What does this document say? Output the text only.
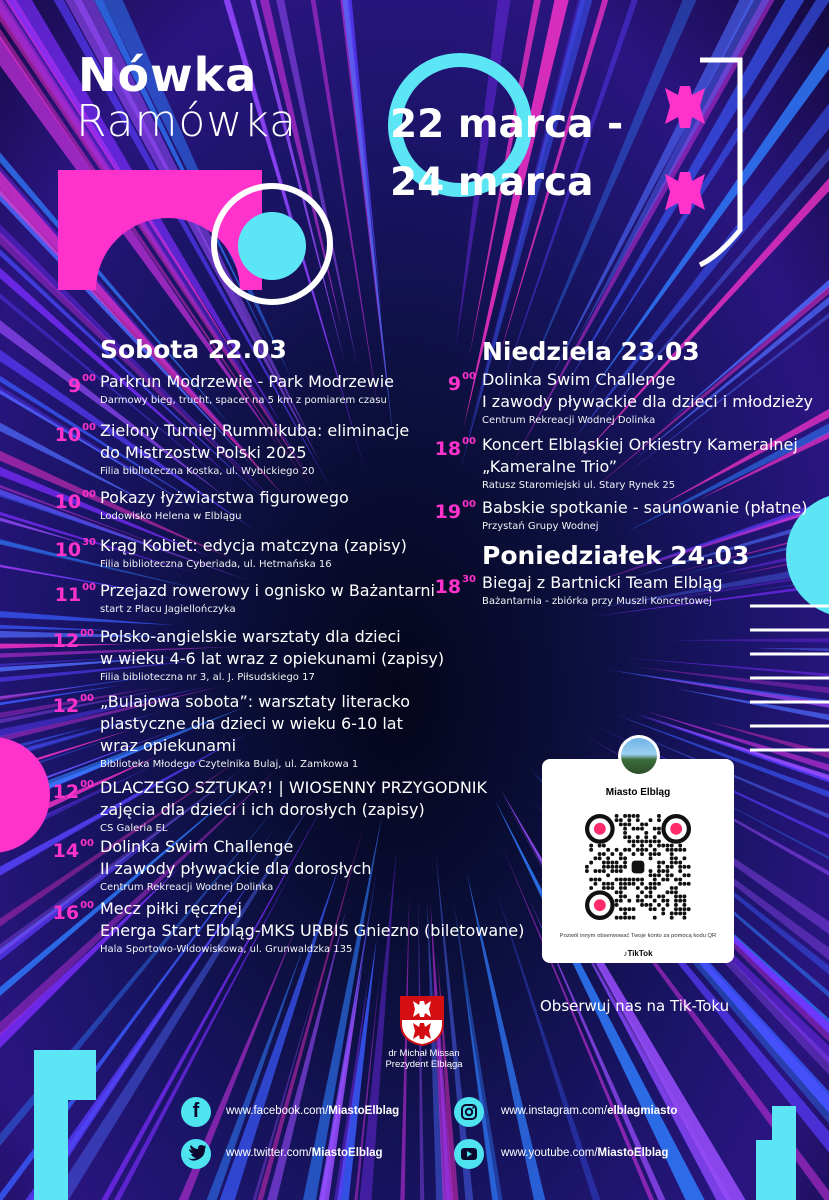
Nówka
Ramówka 22 marca -
24 marca
Sobota 22.03	Niedziela 23.03
Poniedziałek 24.03
$9^{00}$ Parkrun Modrzewie - Park Modrzewie
Darmowy bieg, trucht, spacer na 5 km z pomiarem czasu
$10^{00}$ Zielony Turniej Rummikuba: eliminacje
do Mistrzostw Polski 2025
Filia biblioteczna Kostka, ul. Wybickiego 20
$10^{00}$ Pokazy łyżwiarstwa figurowego
Lodowisko Helena w Elblągu
$10^{30}$ Krąg Kobiet: edycja matczyna (zapisy)
Filia biblioteczna Cyberiada, ul. Hetmańska 16
$11^{00}$ Przejazd rowerowy i ognisko w Bażantarni
start z Placu Jagiellończyka
$12^{00}$ Polsko-angielskie warsztaty dla dzieci
w wieku 4-6 lat wraz z opiekunami (zapisy)
Filia biblioteczna nr 3, al. J. Piłsudskiego 17
$12^{00}$ „Bulajowa sobota”: warsztaty literacko
plastyczne dla dzieci w wieku 6-10 lat
wraz opiekunami
Biblioteka Młodego Czytelnika Bulaj, ul. Zamkowa 1
$12^{00}$ DLACZEGO SZTUKA?! | WIOSENNY PRZYGODNIK
zajęcia dla dzieci i ich dorosłych (zapisy)
CS Galeria EL
$14^{00}$ Dolinka Swim Challenge
II zawody pływackie dla dorosłych
Centrum Rekreacji Wodnej Dolinka
$16^{00}$ Mecz piłki ręcznej
Energa Start Elbląg-MKS URBIS Gniezno (biletowane)
Hala Sportowo-Widowiskowa, ul. Grunwaldzka 135
$9^{00}$ Dolinka Swim Challenge
I zawody pływackie dla dzieci i młodzieży
Centrum Rekreacji Wodnej Dolinka
$18^{00}$ Koncert Elbląskiej Orkiestry Kameralnej
„Kameralne Trio”
Ratusz Staromiejski ul. Stary Rynek 25
$19^{00}$ Babskie spotkanie - saunowanie (płatne)
Przystań Grupy Wodnej
$18^{30}$ Biegaj z Bartnicki Team Elbląg
Bażantarnia - zbiórka przy Muszli Koncertowej
Miasto Elbląg
Pozwól innym obserwować Twoje konto za pomocą kodu QR
♪TikTok
Obserwuj nas na Tik-Toku
dr Michał Missan
Prezydent Elbląga
f	www.facebook.com/MiastoElblag
www.twitter.com/MiastoElblag
www.instagram.com/elblagmiasto
www.youtube.com/MiastoElblag
